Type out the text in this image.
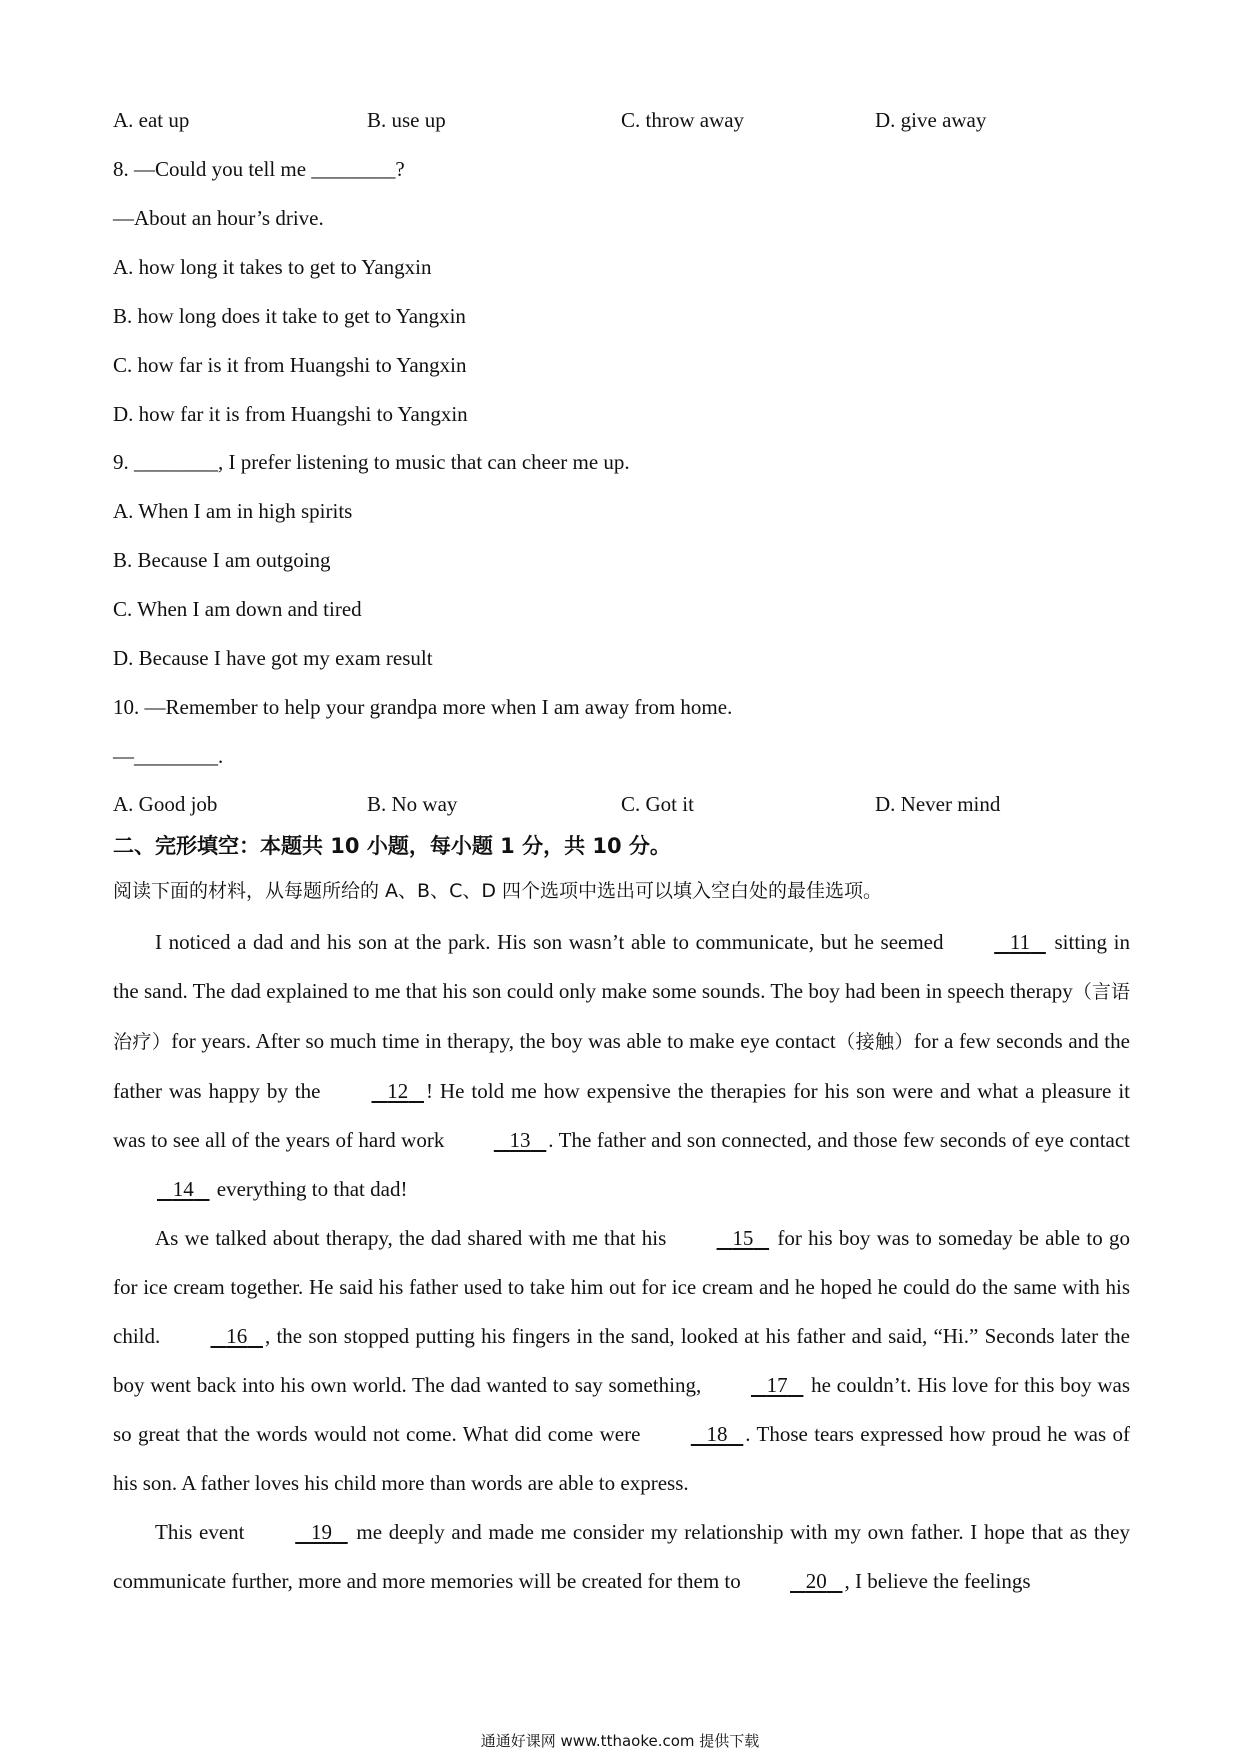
A. eat up	B. use up	C. throw away	D. give away
8. —Could you tell me ________?
—About an hour’s drive.
A. how long it takes to get to Yangxin
B. how long does it take to get to Yangxin
C. how far is it from Huangshi to Yangxin
D. how far it is from Huangshi to Yangxin
9. ________, I prefer listening to music that can cheer me up.
A. When I am in high spirits
B. Because I am outgoing
C. When I am down and tired
D. Because I have got my exam result
10. —Remember to help your grandpa more when I am away from home.
—________.
A. Good job	B. No way	C. Got it	D. Never mind
二、完形填空：本题共 10 小题，每小题 1 分，共 10 分。
阅读下面的材料，从每题所给的 A、B、C、D 四个选项中选出可以填入空白处的最佳选项。

I noticed a dad and his son at the park. His son wasn’t able to communicate, but he seemed	11    sitting in the sand. The dad explained to me that his son could only make some sounds. The boy had been in speech therapy（言语治疗）for years. After so much time in therapy, the boy was able to make eye contact（接触）for a few seconds and the father was happy by the	12 ! He told me how expensive the therapies for his son were and what a pleasure it was to see all of the years of hard work	13 . The father and son connected, and those few seconds of eye contact    14    everything to that dad!

As we talked about therapy, the dad shared with me that his	15    for his boy was to someday be able to go for ice cream together. He said his father used to take him out for ice cream and he hoped he could do the same with his child.	16 , the son stopped putting his fingers in the sand, looked at his father and said, “Hi.” Seconds later the boy went back into his own world. The dad wanted to say something,	17    he couldn’t. His love for this boy was so great that the words would not come. What did come were	18 . Those tears expressed how proud he was of his son. A father loves his child more than words are able to express.

This event	19    me deeply and made me consider my relationship with my own father. I hope that as they communicate further, more and more memories will be created for them to	20 , I believe the feelings

通通好课网 www.tthaoke.com 提供下载
